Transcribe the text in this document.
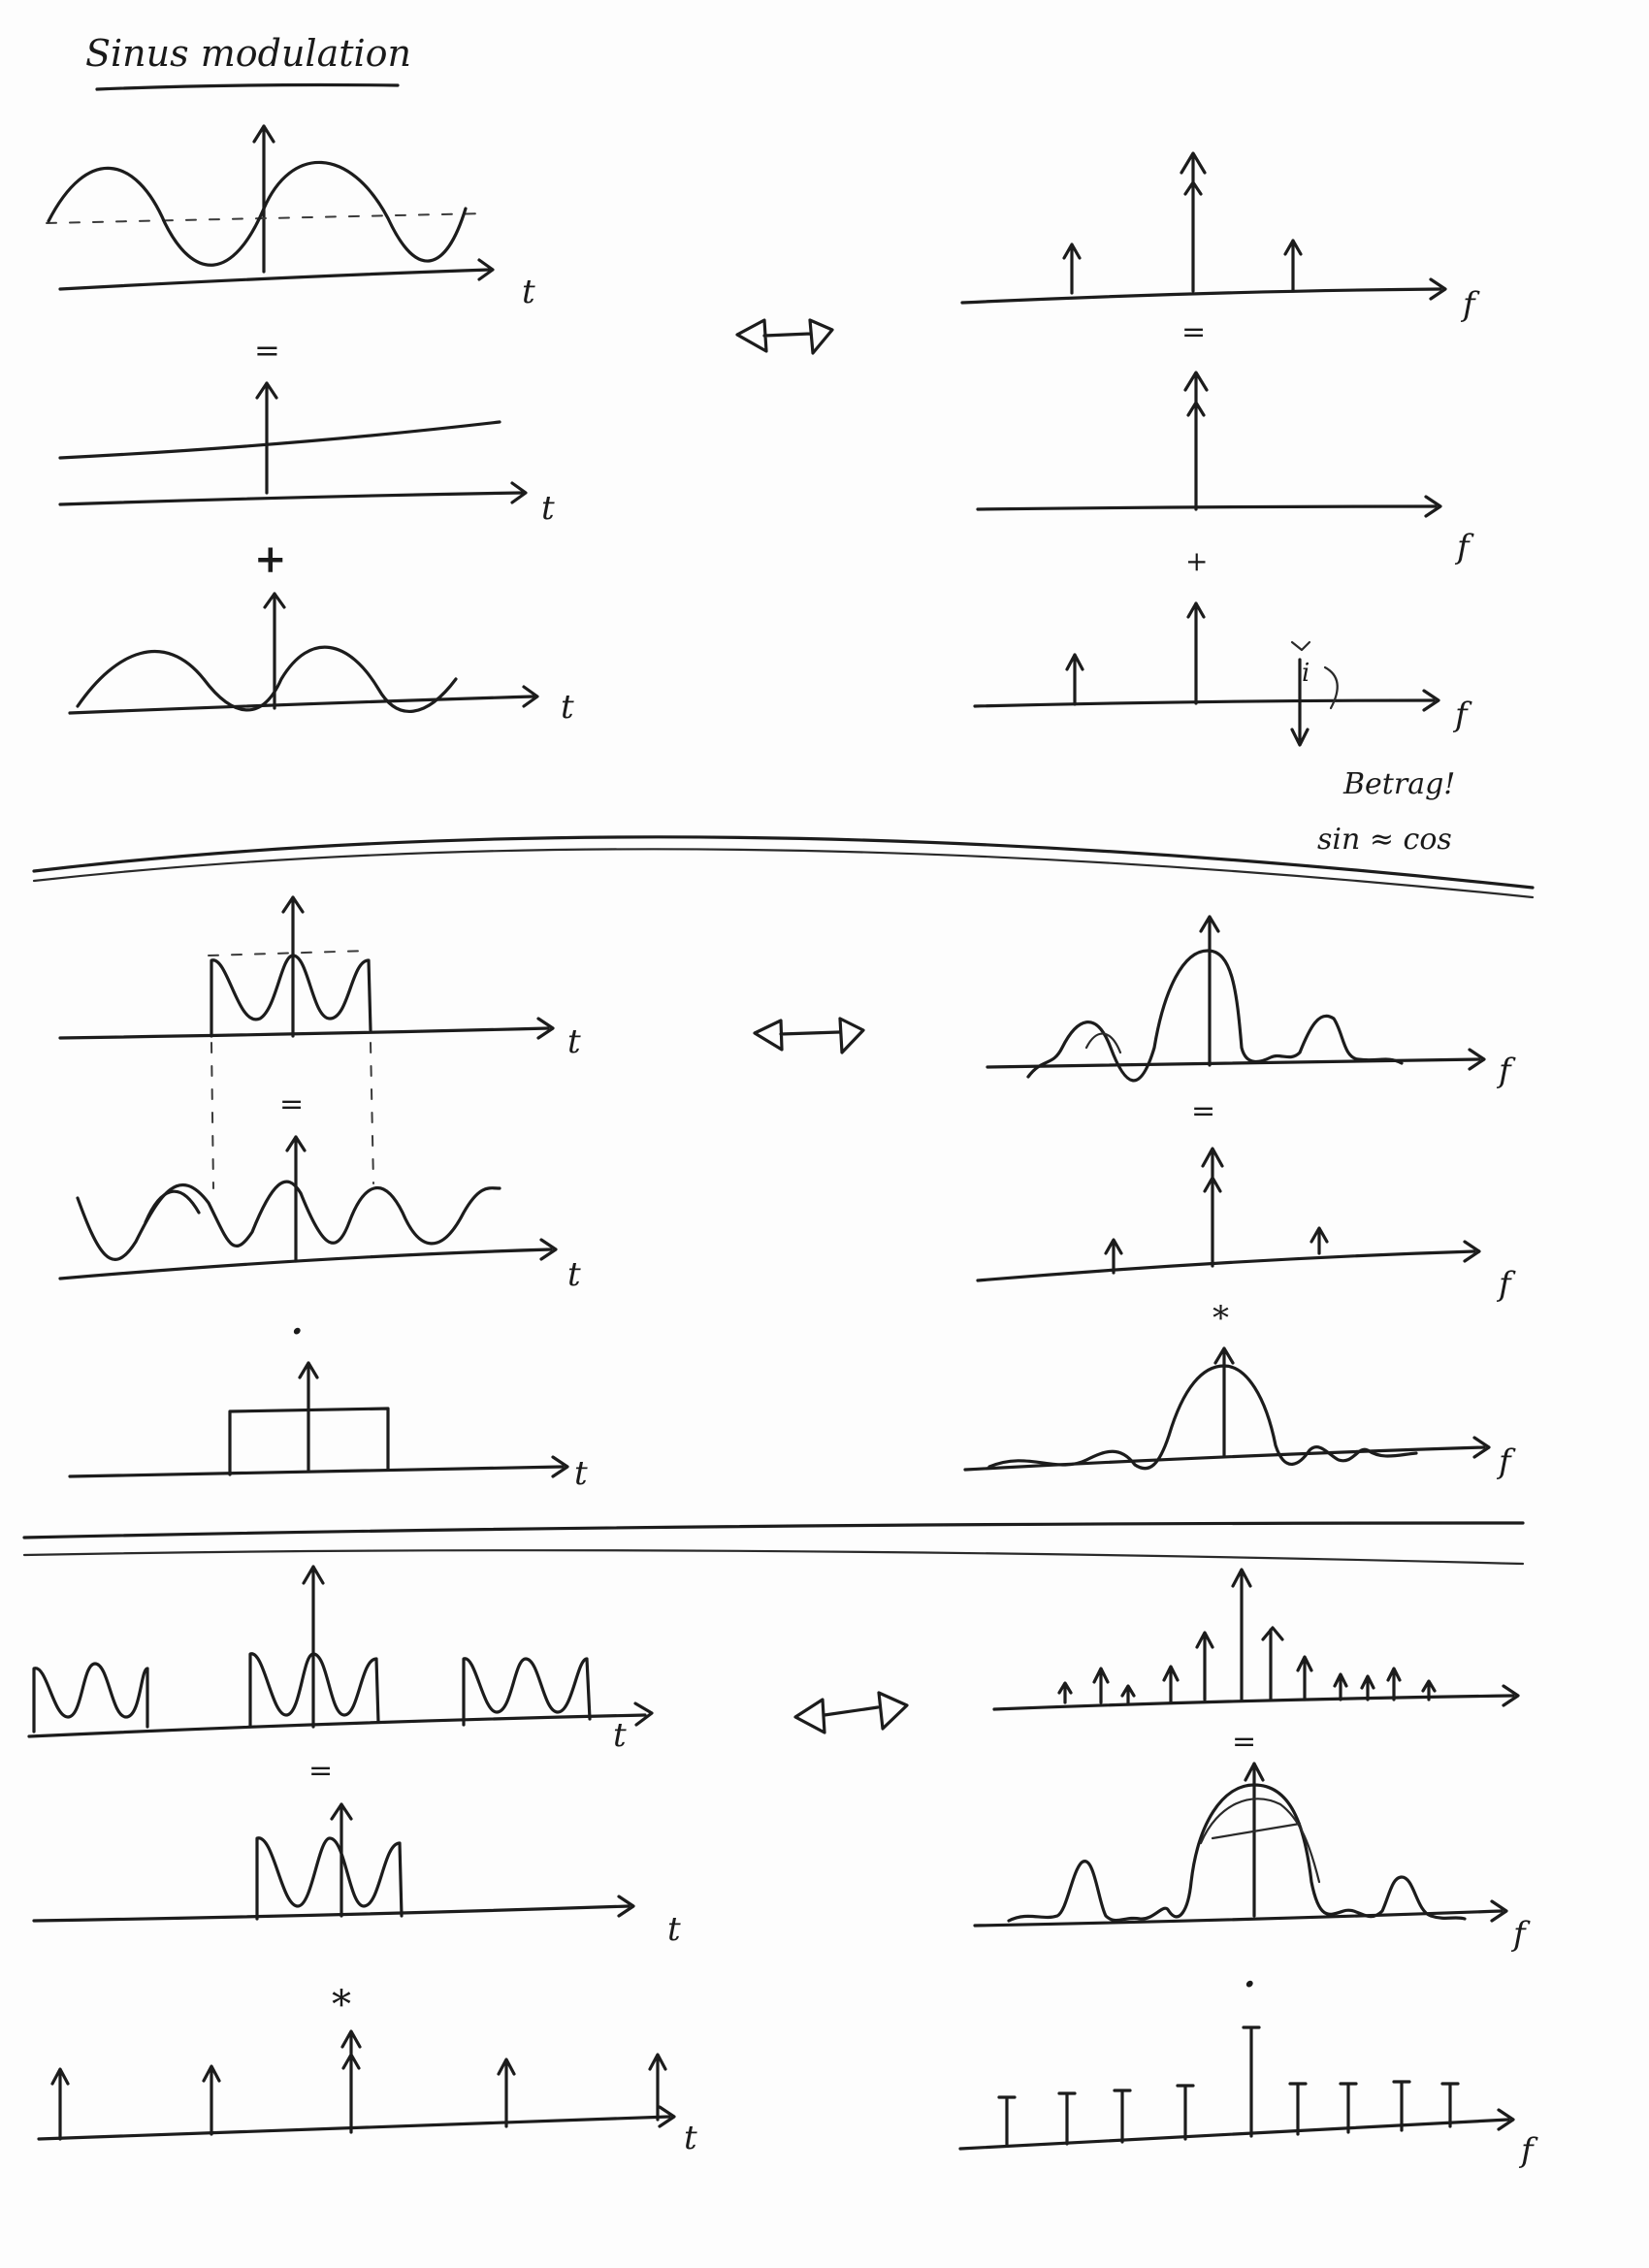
Sinus modulation
t
=
t
+
t
f
=
f
+
i
f
Betrag!
sin ≈ cos
t
=
t
·
t
f
=
f
*
f
t
=
t
*
t
=
f
·
f
